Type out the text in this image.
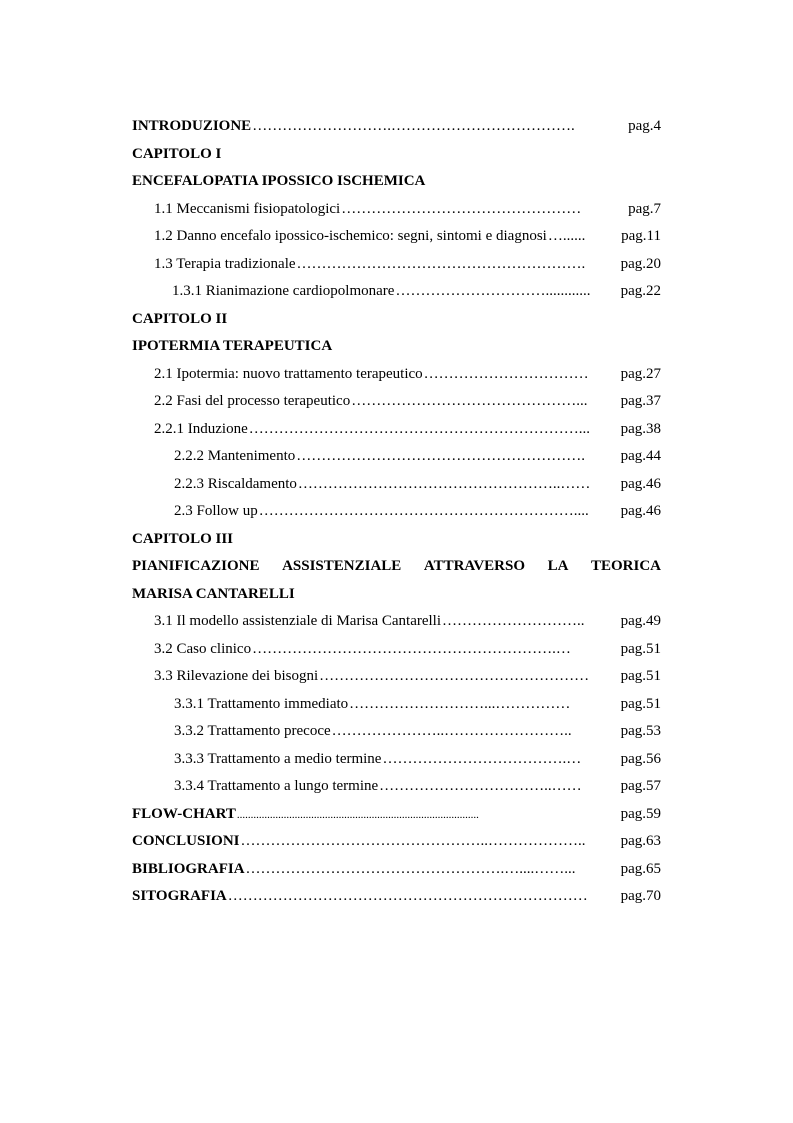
INTRODUZIONE ……………………….……………………………….	pag.4
CAPITOLO I
ENCEFALOPATIA IPOSSICO ISCHEMICA
1.1 Meccanismi fisiopatologici …………………………………………	pag.7
1.2 Danno encefalo ipossico-ischemico: segni, sintomi e diagnosi …......	pag.11
1.3 Terapia tradizionale ………………………………………………….	pag.20
1.3.1 Rianimazione cardiopolmonare …………………………............	pag.22
CAPITOLO II
IPOTERMIA TERAPEUTICA
2.1 Ipotermia: nuovo trattamento terapeutico ……………………………	pag.27
2.2 Fasi del processo terapeutico ………………………………………...	pag.37
2.2.1 Induzione …………………………………………………………...	pag.38
2.2.2 Mantenimento ………………………………………………….	pag.44
2.2.3 Riscaldamento ……………………………………………..……	pag.46
2.3 Follow up ………………………………………………………....	pag.46
CAPITOLO III
PIANIFICAZIONE ASSISTENZIALE ATTRAVERSO LA TEORICA
MARISA CANTARELLI
3.1 Il modello assistenziale di Marisa Cantarelli ………………………..	pag.49
3.2 Caso clinico …………………………………………………….…	pag.51
3.3 Rilevazione dei bisogni ………………………………………………	pag.51
3.3.1 Trattamento immediato ………………………...……………	pag.51
3.3.2 Trattamento precoce …………………..……………………..	pag.53
3.3.3 Trattamento a medio termine ……………………………….…	pag.56
3.3.4 Trattamento a lungo termine ……………………………..……	pag.57
FLOW-CHART ........................................................................................	pag.59
CONCLUSIONI …………………………………………..………………..	pag.63
BIBLIOGRAFIA …………………………………………….…....……...	pag.65
SITOGRAFIA ………………………………………………………………	pag.70
